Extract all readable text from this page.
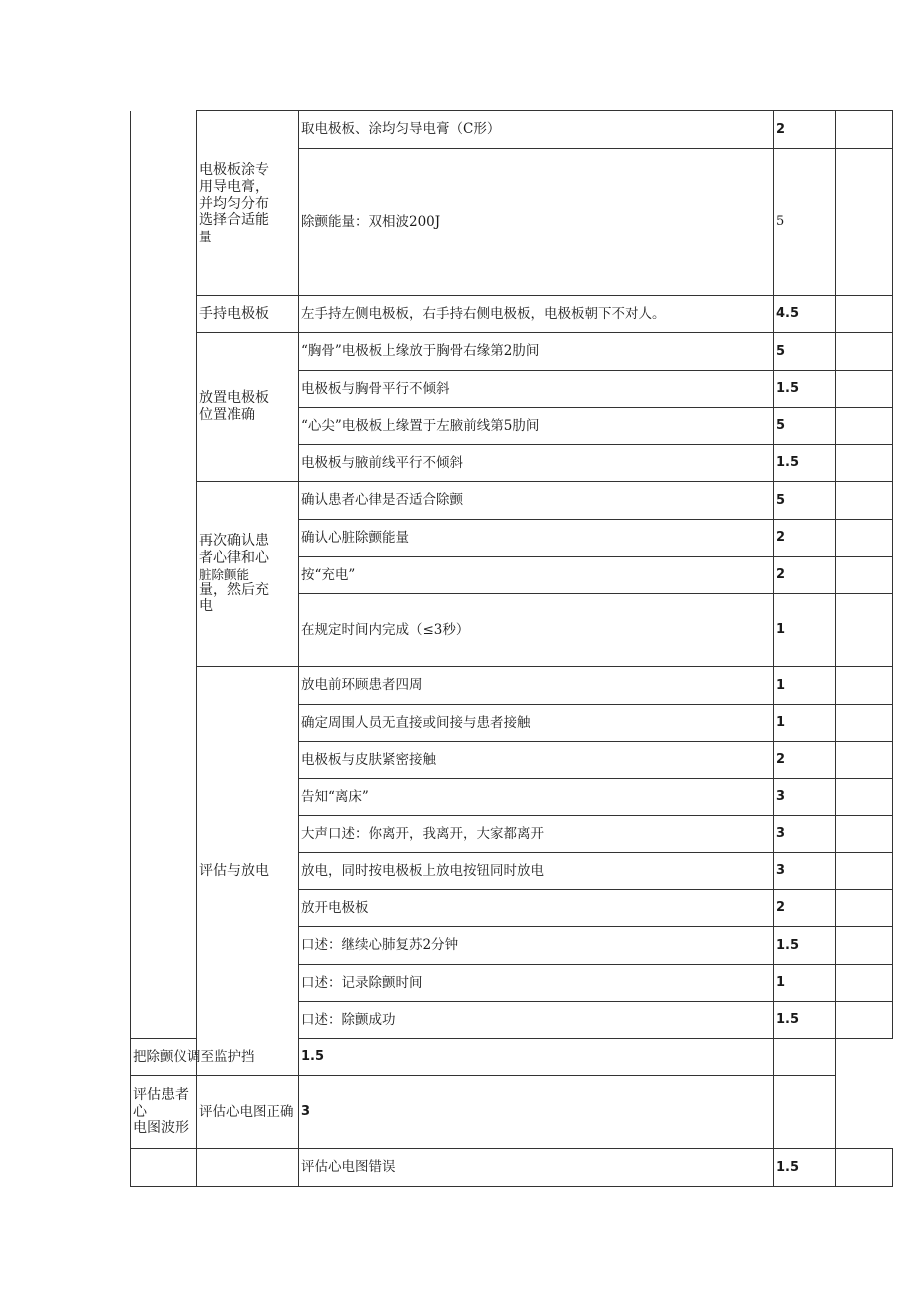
	电极板涂专
用导电膏，
并均匀分布
选择合适能
量	取电极板、涂均匀导电膏（C形）	2	
		除颤能量：双相波200J	5	

	手持电极板	左手持左侧电极板，右手持右侧电极板，电极板朝下不对人。	4.5	

	放置电极板
位置准确	“胸骨”电极板上缘放于胸骨右缘第2肋间	5	
		电极板与胸骨平行不倾斜	1.5	
		“心尖”电极板上缘置于左腋前线第5肋间	5	
		电极板与腋前线平行不倾斜	1.5	

	再次确认患
者心律和心
脏除颤能
量，然后充
电	确认患者心律是否适合除颤	5	
		确认心脏除颤能量	2	
		按“充电”	2	
		在规定时间内完成（≤3秒）	1	

	评估与放电	放电前环顾患者四周	1	
		确定周围人员无直接或间接与患者接触	1	
		电极板与皮肤紧密接触	2	
		告知“离床”	3	
		大声口述：你离开，我离开，大家都离开	3	
		放电，同时按电极板上放电按钮同时放电	3	
		放开电极板	2	
		口述：继续心肺复苏2分钟	1.5	
		口述：记录除颤时间	1	
		口述：除颤成功	1.5	
把除颤仪调至监护挡		1.5		

评估患者心
电图波形	评估心电图正确	3		
		评估心电图错误	1.5	
